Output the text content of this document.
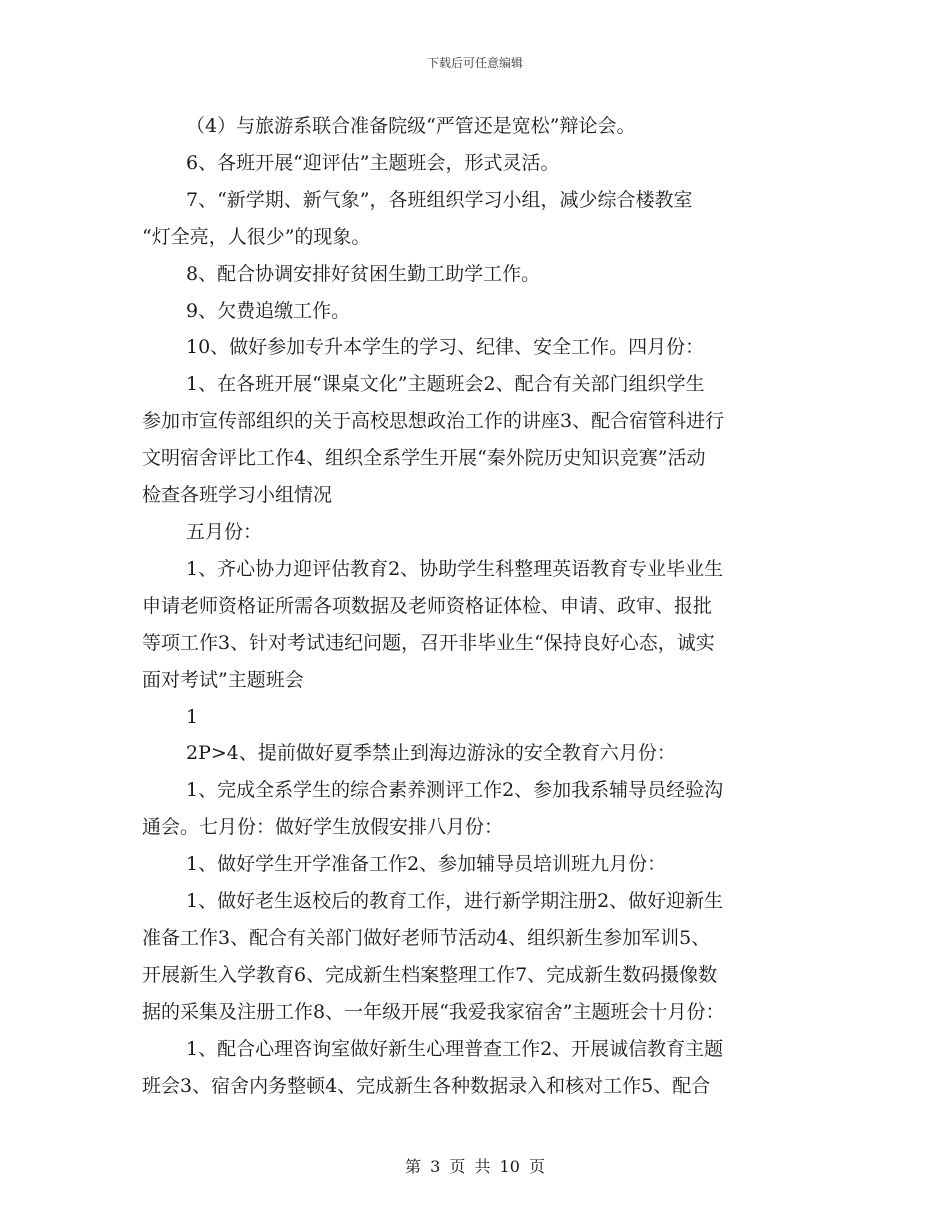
下载后可任意编辑

（4）与旅游系联合准备院级“严管还是宽松”辩论会。

6、各班开展“迎评估”主题班会，形式灵活。

7、“新学期、新气象”，各班组织学习小组，减少综合楼教室

“灯全亮，人很少”的现象。

8、配合协调安排好贫困生勤工助学工作。

9、欠费追缴工作。

10、做好参加专升本学生的学习、纪律、安全工作。四月份：

1、在各班开展“课桌文化”主题班会2、配合有关部门组织学生

参加市宣传部组织的关于高校思想政治工作的讲座3、配合宿管科进行

文明宿舍评比工作4、组织全系学生开展“秦外院历史知识竞赛”活动

检查各班学习小组情况

五月份：

1、齐心协力迎评估教育2、协助学生科整理英语教育专业毕业生

申请老师资格证所需各项数据及老师资格证体检、申请、政审、报批

等项工作3、针对考试违纪问题，召开非毕业生“保持良好心态，诚实

面对考试”主题班会

1

2P>4、提前做好夏季禁止到海边游泳的安全教育六月份：

1、完成全系学生的综合素养测评工作2、参加我系辅导员经验沟

通会。七月份：做好学生放假安排八月份：

1、做好学生开学准备工作2、参加辅导员培训班九月份：

1、做好老生返校后的教育工作，进行新学期注册2、做好迎新生

准备工作3、配合有关部门做好老师节活动4、组织新生参加军训5、

开展新生入学教育6、完成新生档案整理工作7、完成新生数码摄像数

据的采集及注册工作8、一年级开展“我爱我家宿舍”主题班会十月份：

1、配合心理咨询室做好新生心理普查工作2、开展诚信教育主题

班会3、宿舍内务整顿4、完成新生各种数据录入和核对工作5、配合

第 3 页 共 10 页
